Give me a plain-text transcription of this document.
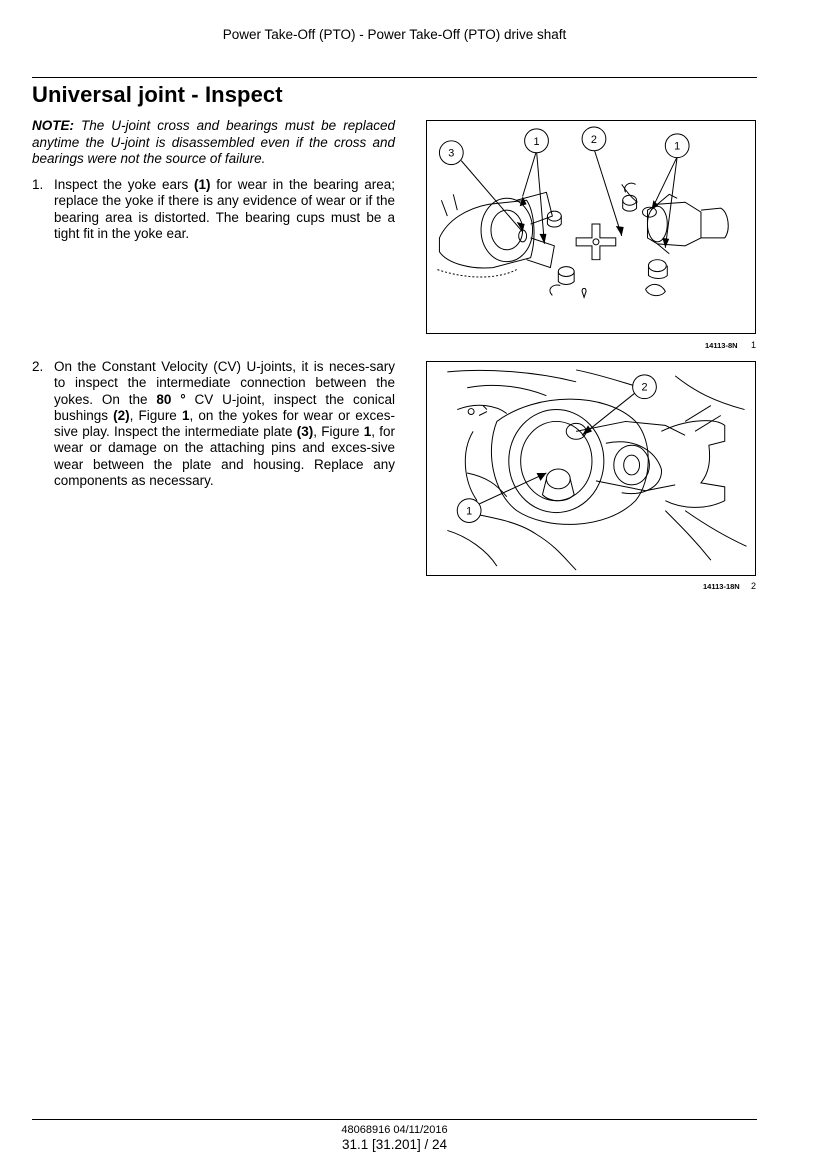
Power Take-Off (PTO) - Power Take-Off (PTO) drive shaft
Universal joint - Inspect
NOTE: The U-joint cross and bearings must be replaced anytime the U-joint is disassembled even if the cross and bearings were not the source of failure.
1. Inspect the yoke ears (1) for wear in the bearing area; replace the yoke if there is any evidence of wear or if the bearing area is distorted. The bearing cups must be a tight fit in the yoke ear.
2. On the Constant Velocity (CV) U-joints, it is neces-sary to inspect the intermediate connection between the yokes. On the 80 ° CV U-joint, inspect the conical bushings (2), Figure 1, on the yokes for wear or exces-sive play. Inspect the intermediate plate (3), Figure 1, for wear or damage on the attaching pins and exces-sive wear between the plate and housing. Replace any components as necessary.
3
1	2
1
14113-8N 1
2
1
14113-18N 2
48068916 04/11/2016
31.1 [31.201] / 24
